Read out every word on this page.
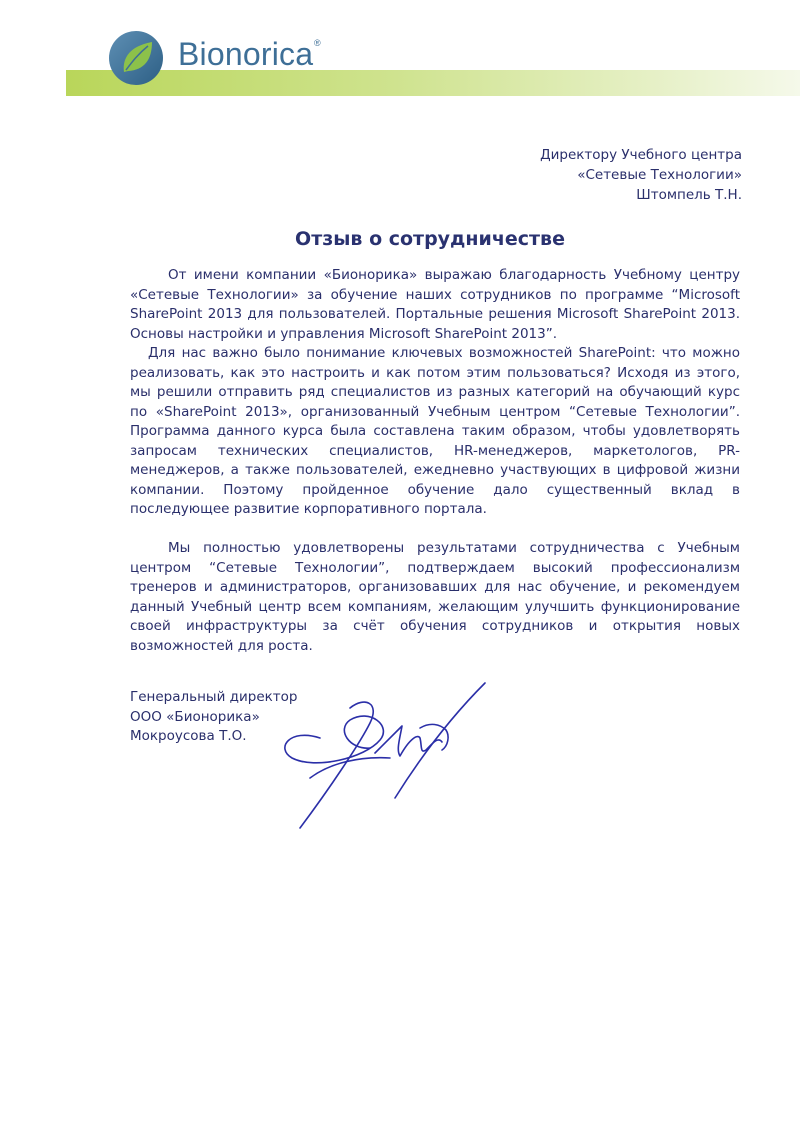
Bionorica ®
Директору Учебного центра
«Сетевые Технологии»
Штомпель Т.Н.
Отзыв о сотрудничестве

От имени компании «Бионорика» выражаю благодарность Учебному центру «Сетевые Технологии» за обучение наших сотрудников по программе “Microsoft SharePoint 2013 для пользователей. Портальные решения Microsoft SharePoint 2013. Основы настройки и управления Microsoft SharePoint 2013”.

Для нас важно было понимание ключевых возможностей SharePoint: что можно реализовать, как это настроить и как потом этим пользоваться? Исходя из этого, мы решили отправить ряд специалистов из разных категорий на обучающий курс по «SharePoint 2013», организованный Учебным центром “Сетевые Технологии”. Программа данного курса была составлена таким образом, чтобы удовлетворять запросам технических специалистов, HR-менеджеров, маркетологов, PR-менеджеров, а также пользователей, ежедневно участвующих в цифровой жизни компании. Поэтому пройденное обучение дало существенный вклад в последующее развитие корпоративного портала.

Мы полностью удовлетворены результатами сотрудничества с Учебным центром “Сетевые Технологии”, подтверждаем высокий профессионализм тренеров и администраторов, организовавших для нас обучение, и рекомендуем данный Учебный центр всем компаниям, желающим улучшить функционирование своей инфраструктуры за счёт обучения сотрудников и открытия новых возможностей для роста.

Генеральный директор
ООО «Бионорика»
Мокроусова Т.О.
